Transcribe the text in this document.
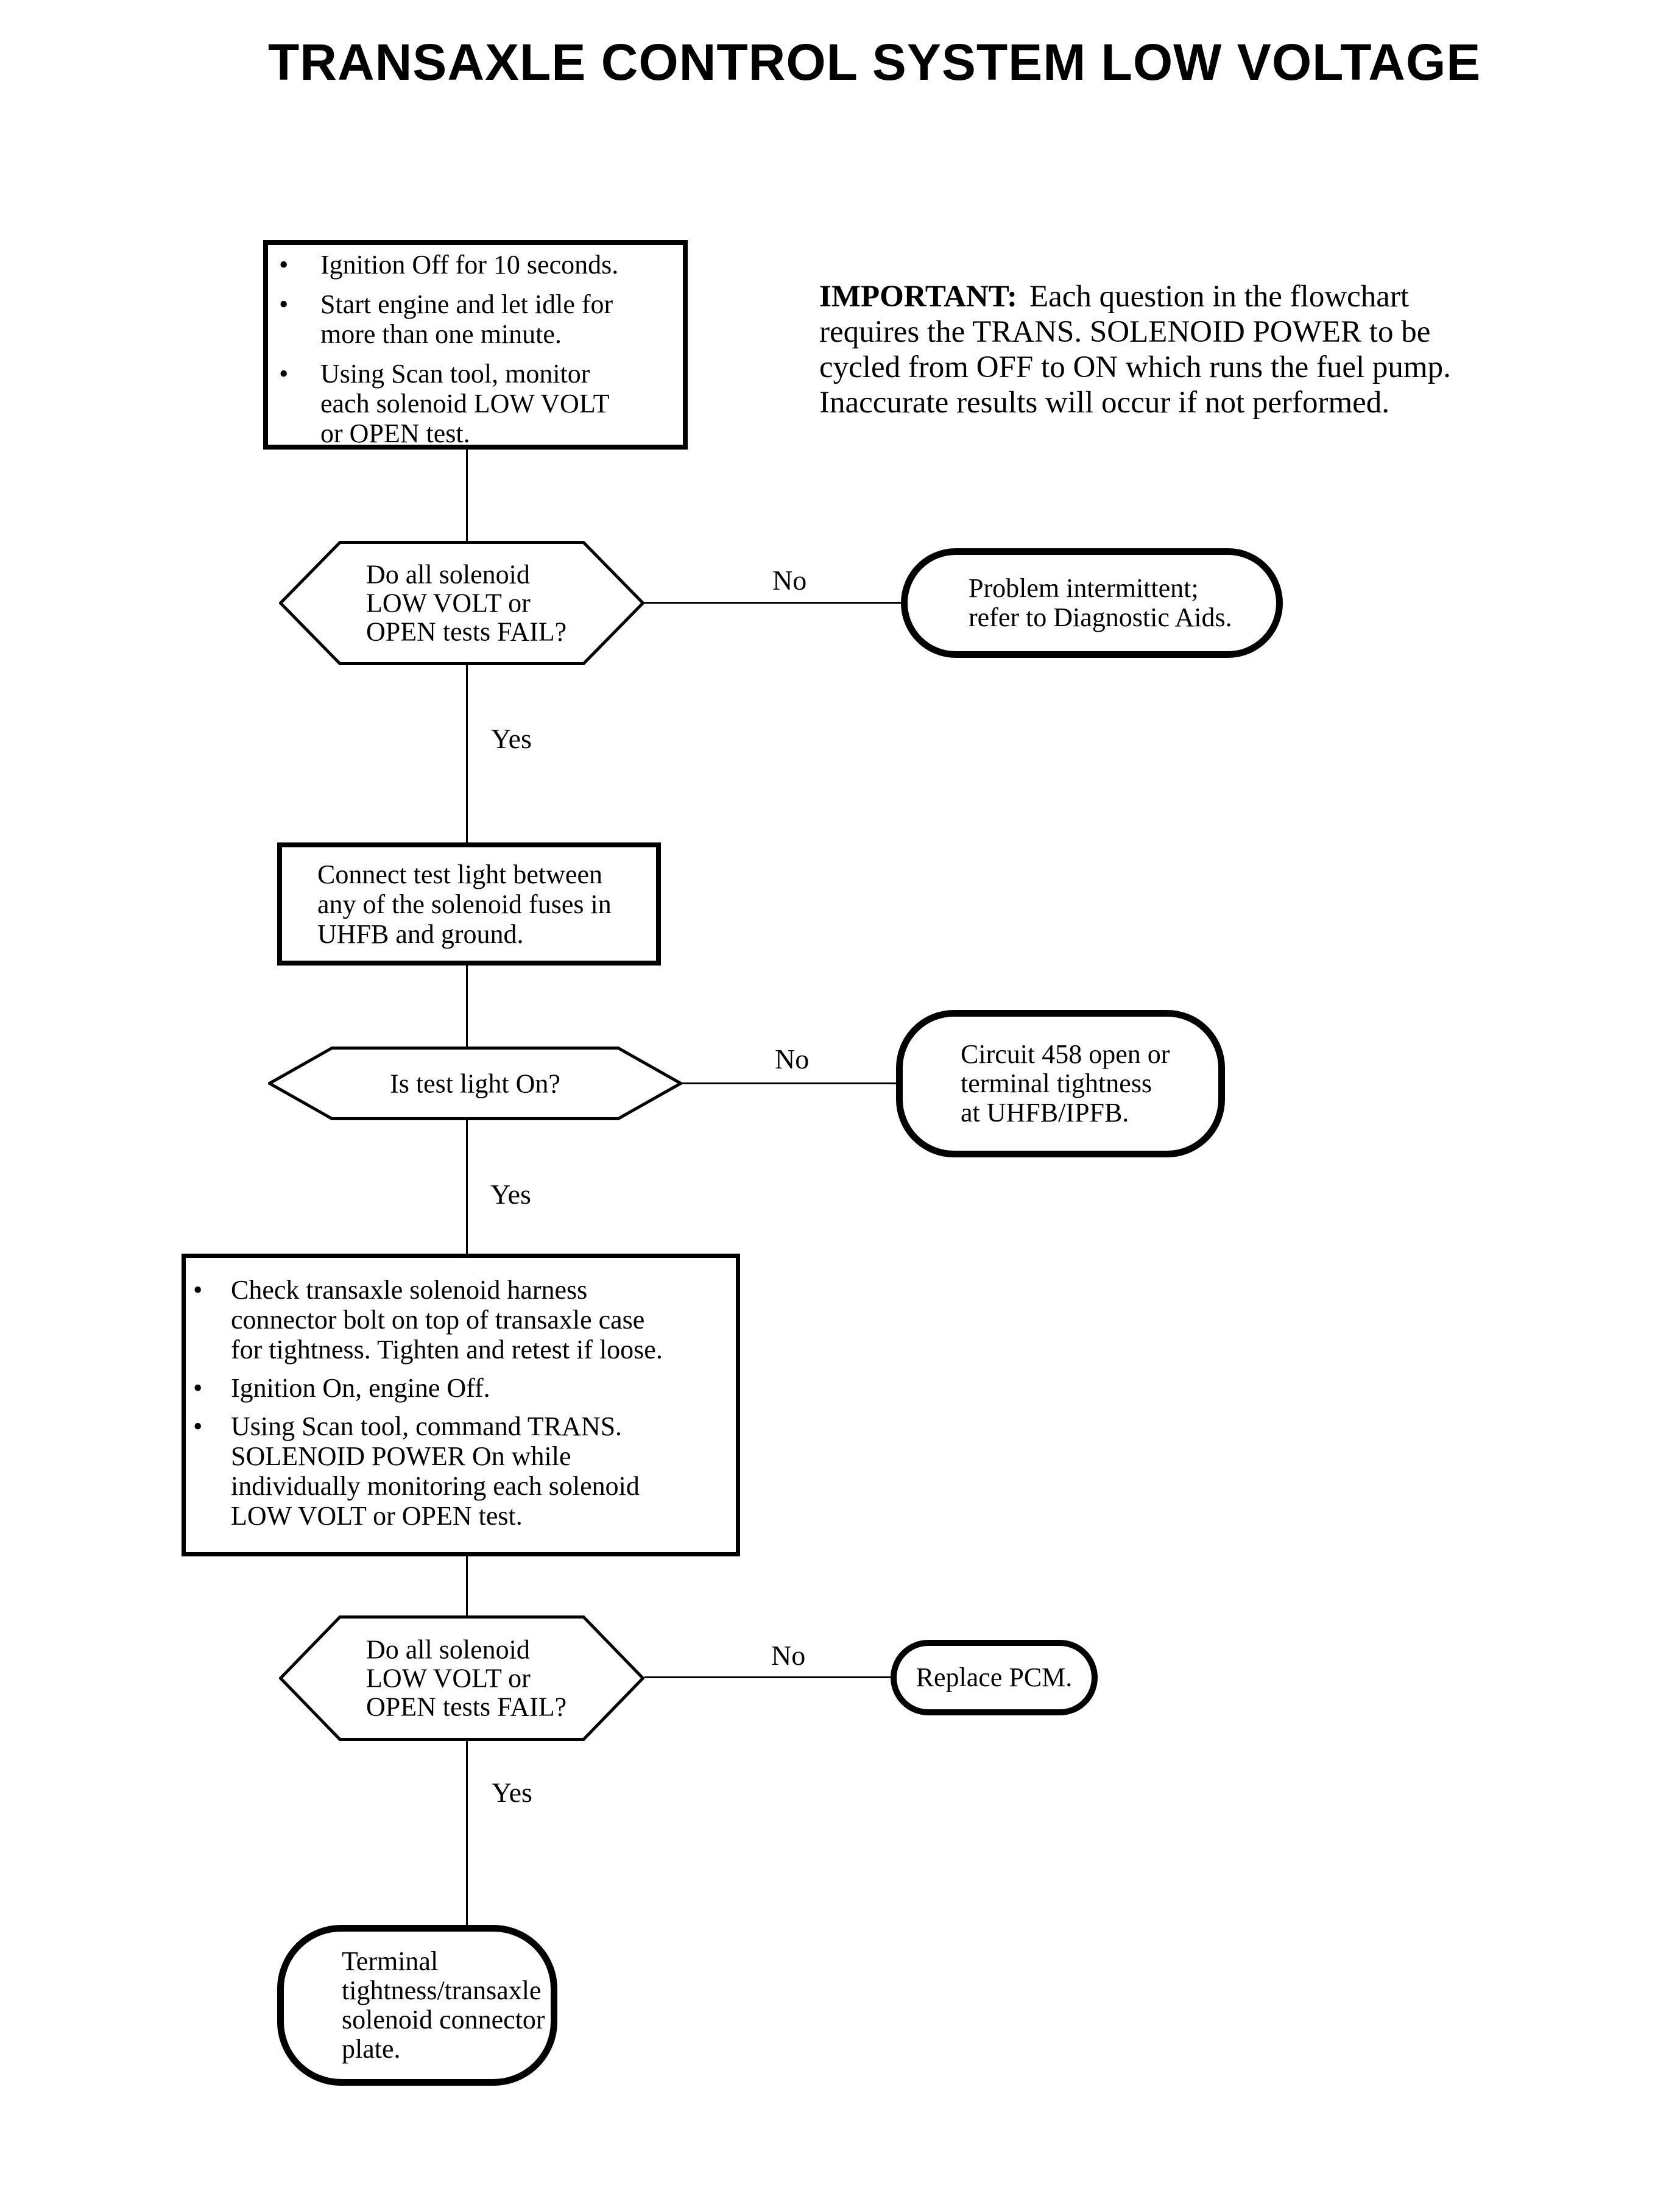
TRANSAXLE CONTROL SYSTEM LOW VOLTAGE
IMPORTANT: Each question in the flowchart
requires the TRANS. SOLENOID POWER to be
cycled from OFF to ON which runs the fuel pump.
Inaccurate results will occur if not performed.
•
Ignition Off for 10 seconds.
•
Start engine and let idle for
more than one minute.
•
Using Scan tool, monitor
each solenoid LOW VOLT
or OPEN test.
Do all solenoid
LOW VOLT or
OPEN tests FAIL?
No
Yes
Problem intermittent;
refer to Diagnostic Aids.
Connect test light between
any of the solenoid fuses in
UHFB and ground.
Is test light On?
No
Yes
Circuit 458 open or
terminal tightness
at UHFB/IPFB.
•
Check transaxle solenoid harness
connector bolt on top of transaxle case
for tightness. Tighten and retest if loose.
•
Ignition On, engine Off.
•
Using Scan tool, command TRANS.
SOLENOID POWER On while
individually monitoring each solenoid
LOW VOLT or OPEN test.
Do all solenoid
LOW VOLT or
OPEN tests FAIL?
No
Yes
Replace PCM.
Terminal
tightness/transaxle
solenoid connector
plate.
